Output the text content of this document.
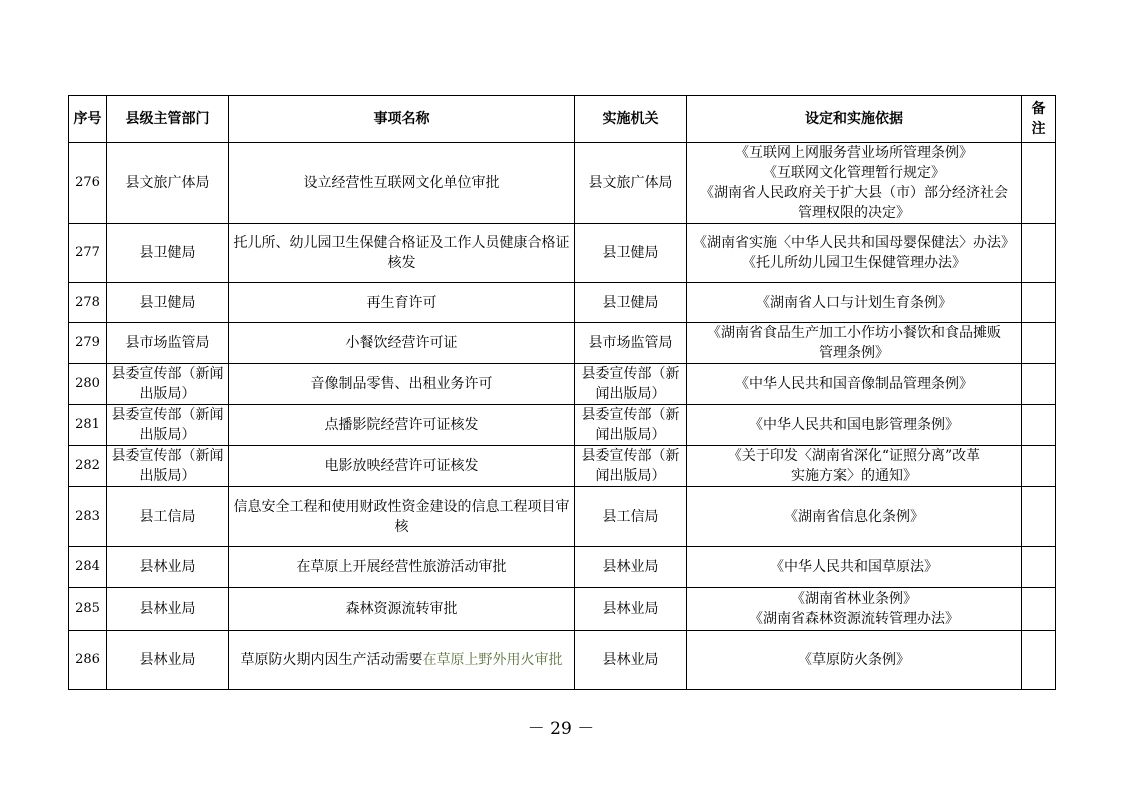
序号	县级主管部门	事项名称	实施机关	设定和实施依据	备注
276	县文旅广体局	设立经营性互联网文化单位审批	县文旅广体局	《互联网上网服务营业场所管理条例》
《互联网文化管理暂行规定》
《湖南省人民政府关于扩大县（市）部分经济社会
管理权限的决定》	

277	县卫健局	托儿所、幼儿园卫生保健合格证及工作人员健康合格证核发	县卫健局	《湖南省实施〈中华人民共和国母婴保健法〉办法》
《托儿所幼儿园卫生保健管理办法》	

278	县卫健局	再生育许可	县卫健局	《湖南省人口与计划生育条例》	

279	县市场监管局	小餐饮经营许可证	县市场监管局	《湖南省食品生产加工小作坊小餐饮和食品摊贩
管理条例》	

280	县委宣传部（新闻出版局）	音像制品零售、出租业务许可	县委宣传部（新闻出版局）	《中华人民共和国音像制品管理条例》	

281	县委宣传部（新闻出版局）	点播影院经营许可证核发	县委宣传部（新闻出版局）	《中华人民共和国电影管理条例》	

282	县委宣传部（新闻出版局）	电影放映经营许可证核发	县委宣传部（新闻出版局）	《关于印发〈湖南省深化“证照分离”改革
实施方案〉的通知》	

283	县工信局	信息安全工程和使用财政性资金建设的信息工程项目审核	县工信局	《湖南省信息化条例》	

284	县林业局	在草原上开展经营性旅游活动审批	县林业局	《中华人民共和国草原法》	

285	县林业局	森林资源流转审批	县林业局	《湖南省林业条例》
《湖南省森林资源流转管理办法》	

286	县林业局	草原防火期内因生产活动需要在草原上野外用火审批	县林业局	《草原防火条例》	

－ 29 －
